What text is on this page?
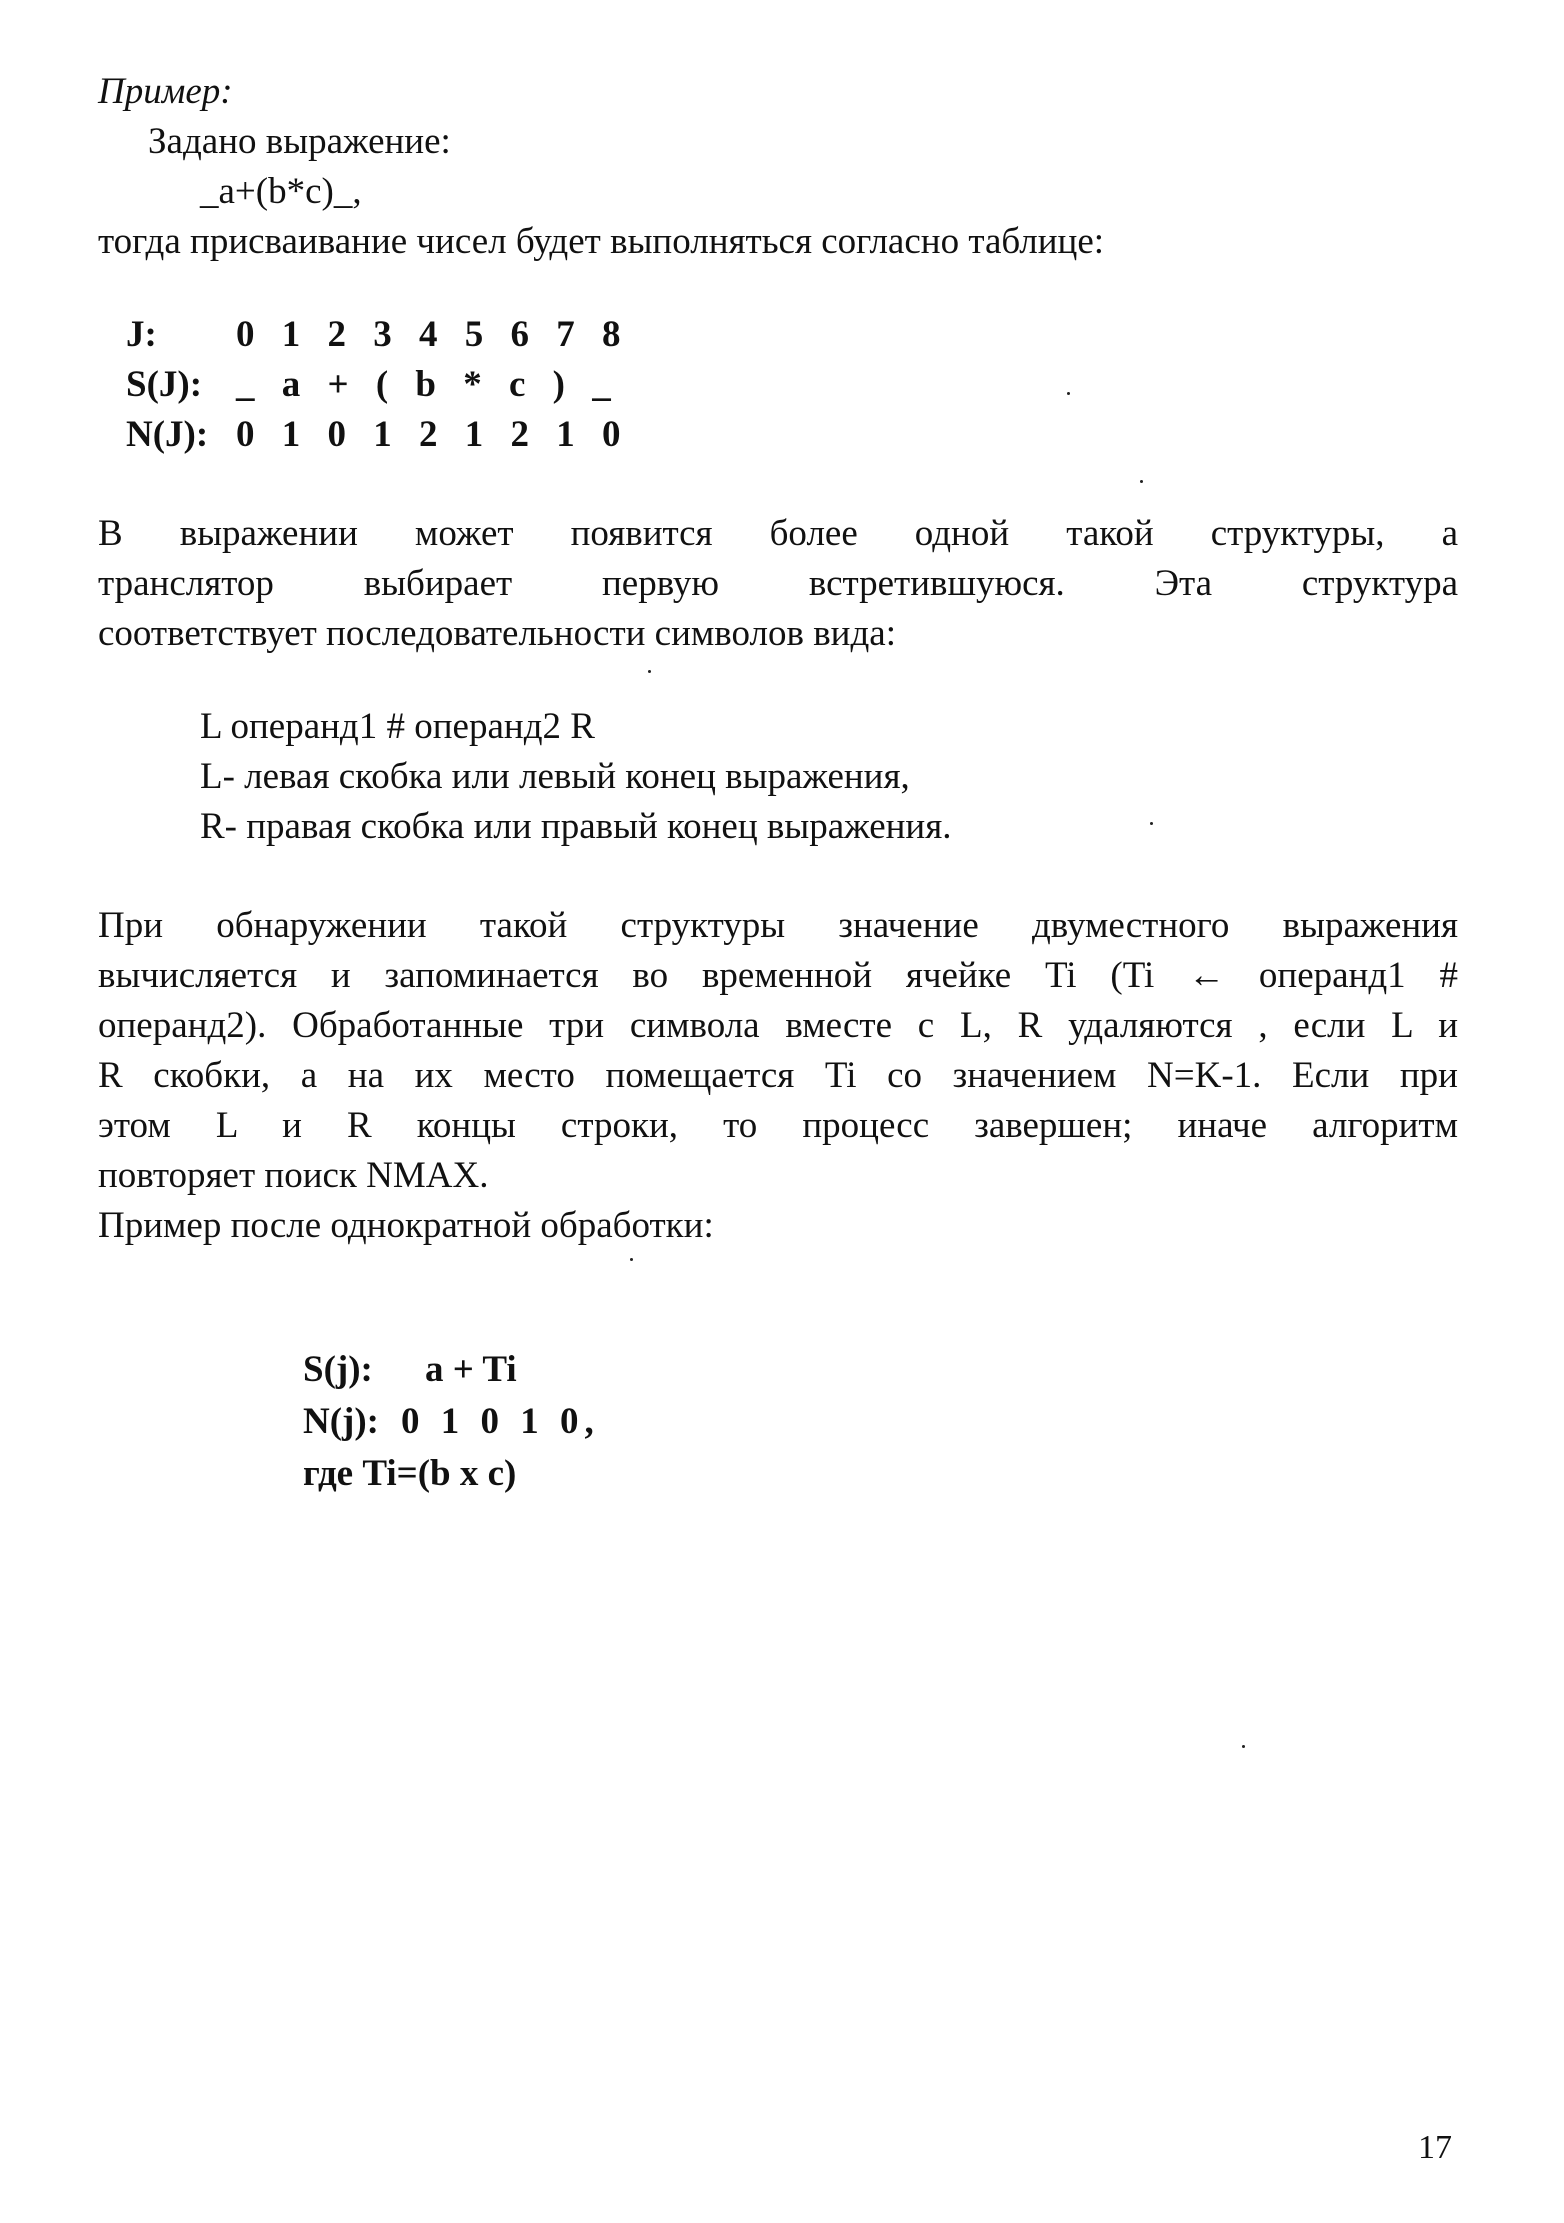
Пример:
Задано выражение:
_a+(b*c)_,
тогда присваивание чисел будет выполняться согласно таблице:
J: 0 1 2 3 4 5 6 7 8
S(J): _ a + ( b * c ) _
N(J): 0 1 0 1 2 1 2 1 0
В выражении может появится более одной такой структуры, а
транслятор выбирает первую встретившуюся. Эта структура
соответствует последовательности символов вида:
L операнд1 # операнд2 R
L- левая скобка или левый конец выражения,
R- правая скобка или правый конец выражения.
При обнаружении такой структуры значение двуместного выражения
вычисляется и запоминается во временной ячейке Ti (Ti ← операнд1 #
операнд2). Обработанные три символа вместе с L, R удаляются , если L и
R скобки, а на их место помещается Ti со значением N=K-1. Если при
этом L и R концы строки, то процесс завершен; иначе алгоритм
повторяет поиск NMAX.
Пример после однократной обработки:
S(j): a + Ti
N(j): 0 1 0 1 0,
где Ti=(b x c)
17
